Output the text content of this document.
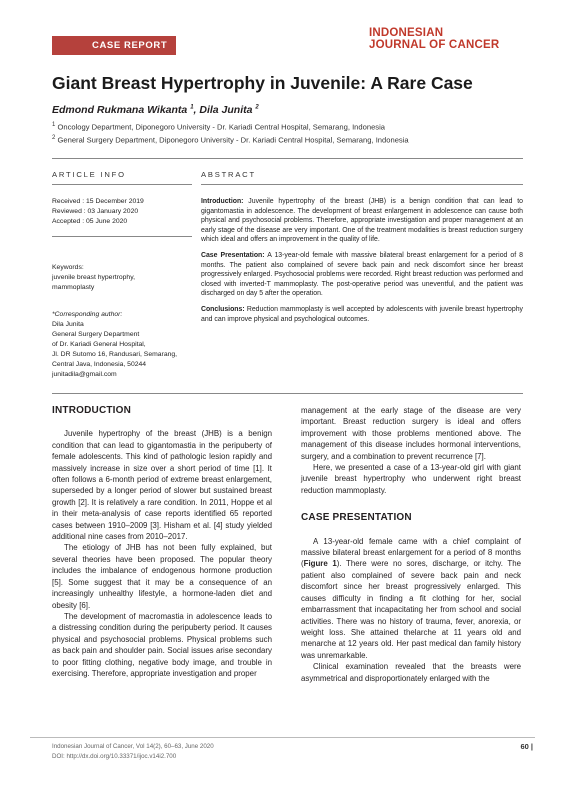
CASE REPORT
INDONESIAN
JOURNAL OF CANCER
Giant Breast Hypertrophy in Juvenile: A Rare Case
Edmond Rukmana Wikanta $^1$, Dila Junita $^2$
$^1$ Oncology Department, Diponegoro University - Dr. Kariadi Central Hospital, Semarang, Indonesia
$^2$ General Surgery Department, Diponegoro University - Dr. Kariadi Central Hospital, Semarang, Indonesia
ARTICLE INFO	ABSTRACT
Received : 15 December 2019
Reviewed : 03 January 2020
Accepted : 05 June 2020
Keywords:
juvenile breast hypertrophy,
mammoplasty
*Corresponding author:
Dila Junita
General Surgery Department
of Dr. Kariadi General Hospital,
Jl. DR Sutomo 16, Randusari, Semarang,
Central Java, Indonesia, 50244
junitadila@gmail.com

Introduction: Juvenile hypertrophy of the breast (JHB) is a benign condition that can lead to gigantomastia in adolescence. The development of breast enlargement in adolescence can cause both physical and psychosocial problems. Therefore, appropriate investigation and proper management at an early stage of the disease are very important. One of the treatment modalities is breast reduction surgery which ideal and offers an improvement in the quality of life.

Case Presentation: A 13-year-old female with massive bilateral breast enlargement for a period of 8 months. The patient also complained of severe back pain and neck discomfort since her breast progressively enlarged. Psychosocial problems were recorded. Right breast reduction was performed and closed with inverted-T mammoplasty. The post-operative period was uneventful, and the patient was discharged on day 5 after the operation.

Conclusions: Reduction mammoplasty is well accepted by adolescents with juvenile breast hypertrophy and can improve physical and psychological outcomes.

INTRODUCTION

Juvenile hypertrophy of the breast (JHB) is a benign condition that can lead to gigantomastia in the peripuberty of female adolescents. This kind of pathologic lesion rapidly and massively increase in size over a short period of time [1]. It often follows a 6-month period of extreme breast enlargement, superseded by a longer period of slower but sustained breast growth [2]. It is relatively a rare condition. In 2011, Hoppe et al in their meta-analysis of case reports identified 65 reported cases between 1910–2009 [3]. Hisham et al. [4] study yielded additional nine cases from 2010–2017.

The etiology of JHB has not been fully explained, but several theories have been proposed. The popular theory includes the imbalance of endogenous hormone production [5]. Some suggest that it may be a consequence of an increasingly unhealthy lifestyle, a hormone-laden diet and obesity [6].

The development of macromastia in adolescence leads to a distressing condition during the peripuberty period. It causes physical and psychosocial problems. Physical problems such as back pain and shoulder pain. Social issues arise secondary to poor fitting clothing, negative body image, and trouble in exercising. Therefore, appropriate investigation and proper

management at the early stage of the disease are very important. Breast reduction surgery is ideal and offers improvement with those problems mentioned above. The management of this disease includes hormonal interventions, surgery, and a combination to prevent recurrence [7].

Here, we presented a case of a 13-year-old girl with giant juvenile breast hypertrophy who underwent right breast reduction mammoplasty.

CASE PRESENTATION

A 13-year-old female came with a chief complaint of massive bilateral breast enlargement for a period of 8 months (Figure 1). There were no sores, discharge, or itchy. The patient also complained of severe back pain and neck discomfort since her breast progressively enlarged. This causes difficulty in finding a fit clothing for her, social embarrassment that incapacitating her from school and social activities. There was no history of trauma, fever, anorexia, or weight loss. She attained thelarche at 11 years old and menarche at 12 years old. Her past medical dan family history was unremarkable.

Clinical examination revealed that the breasts were asymmetrical and disproportionately enlarged with the

Indonesian Journal of Cancer, Vol 14(2), 60–63, June 2020
DOI: http://dx.doi.org/10.33371/ijoc.v14i2.700
60 |
